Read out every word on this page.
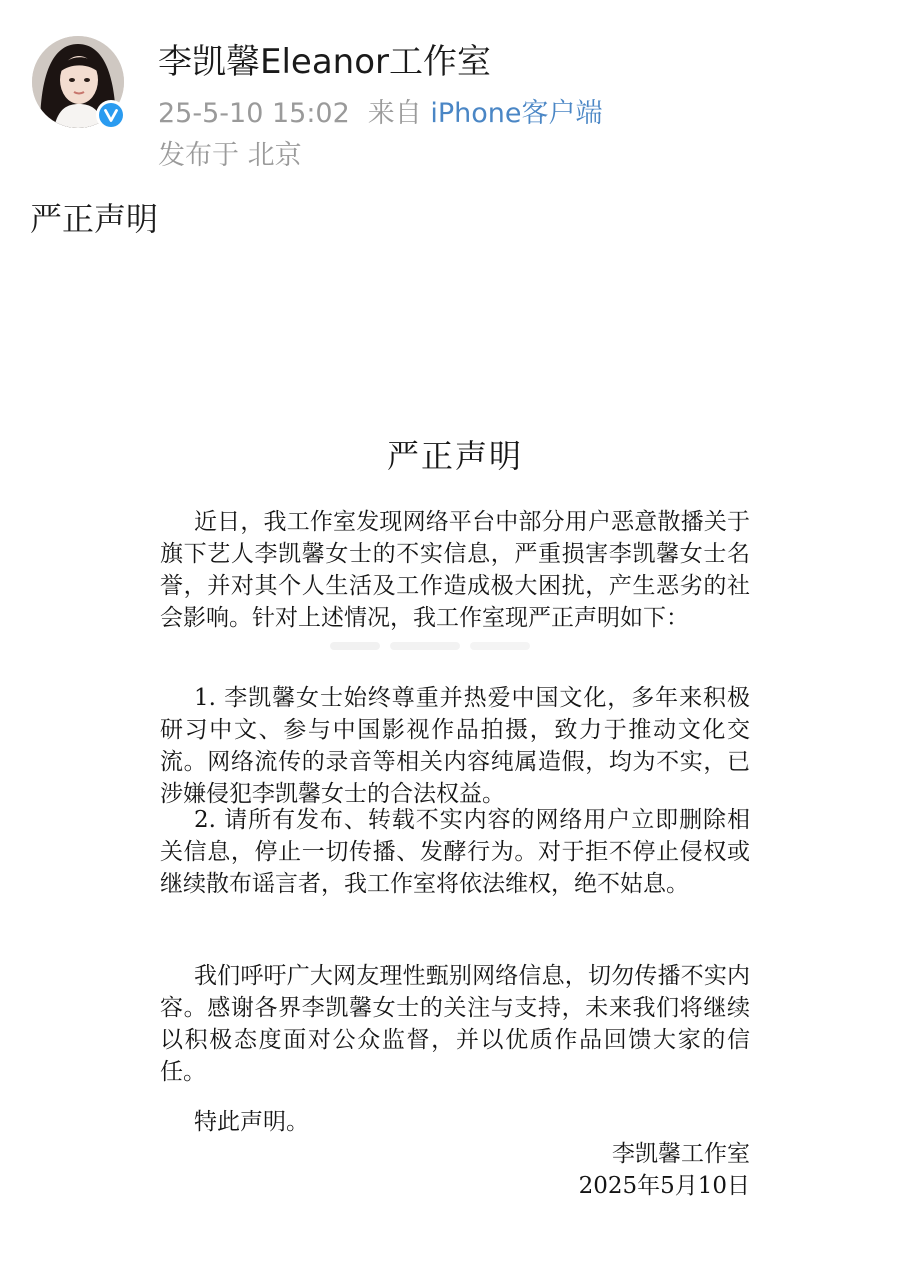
李凯馨Eleanor工作室
25-5-10 15:02 来自 iPhone客户端
发布于 北京
严正声明
严正声明
近日，我工作室发现网络平台中部分用户恶意散播关于旗下艺人李凯馨女士的不实信息，严重损害李凯馨女士名誉，并对其个人生活及工作造成极大困扰，产生恶劣的社会影响。针对上述情况，我工作室现严正声明如下：
1. 李凯馨女士始终尊重并热爱中国文化，多年来积极研习中文、参与中国影视作品拍摄，致力于推动文化交流。网络流传的录音等相关内容纯属造假，均为不实，已涉嫌侵犯李凯馨女士的合法权益。
2. 请所有发布、转载不实内容的网络用户立即删除相关信息，停止一切传播、发酵行为。对于拒不停止侵权或继续散布谣言者，我工作室将依法维权，绝不姑息。
我们呼吁广大网友理性甄别网络信息，切勿传播不实内容。感谢各界李凯馨女士的关注与支持，未来我们将继续以积极态度面对公众监督，并以优质作品回馈大家的信任。
特此声明。
李凯馨工作室
2025年5月10日
